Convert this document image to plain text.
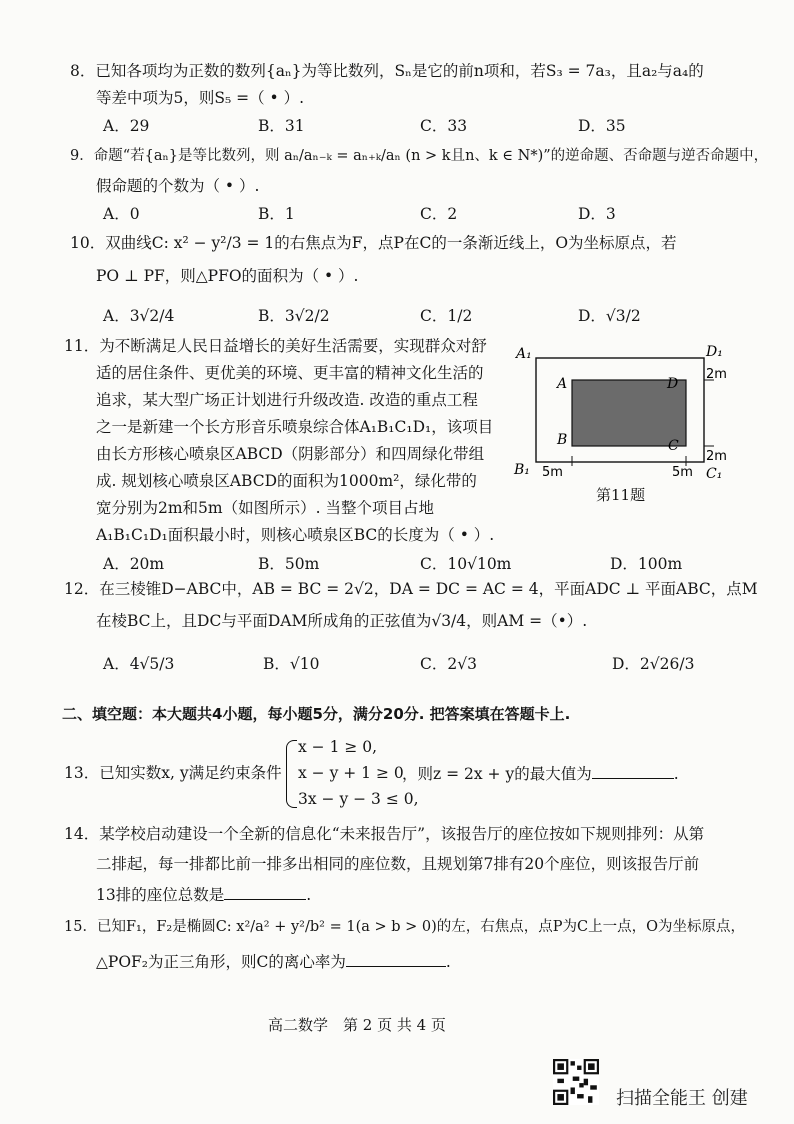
8．已知各项均为正数的数列{aₙ}为等比数列，Sₙ是它的前n项和，若S₃ = 7a₃，且a₂与a₄的
等差中项为5，则S₅ =（ • ）.
A．29	B．31	C．33	D．35
9．命题“若{aₙ}是等比数列，则 aₙ/aₙ₋ₖ = aₙ₊ₖ/aₙ (n > k且n、k ∈ N*)”的逆命题、否命题与逆否命题中，
假命题的个数为（ • ）.
A．0	B．1	C．2	D．3
10．双曲线C: x² − y²/3 = 1的右焦点为F，点P在C的一条渐近线上，O为坐标原点，若
PO ⊥ PF，则△PFO的面积为（ • ）.
A．3√2/4	B．3√2/2	C．1/2	D．√3/2
11．为不断满足人民日益增长的美好生活需要，实现群众对舒
适的居住条件、更优美的环境、更丰富的精神文化生活的
追求，某大型广场正计划进行升级改造. 改造的重点工程
之一是新建一个长方形音乐喷泉综合体A₁B₁C₁D₁，该项目
由长方形核心喷泉区ABCD（阴影部分）和四周绿化带组
成. 规划核心喷泉区ABCD的面积为1000m²，绿化带的
宽分别为2m和5m（如图所示）. 当整个项目占地
A₁B₁C₁D₁面积最小时，则核心喷泉区BC的长度为（ • ）.
A．20m	B．50m	C．10√10m	D．100m
A₁	D₁
B₁	C₁
A	D
B	C
2m
2m
5m	5m
第11题
12．在三棱锥D−ABC中，AB = BC = 2√2，DA = DC = AC = 4，平面ADC ⊥ 平面ABC，点M
在棱BC上，且DC与平面DAM所成角的正弦值为√3/4，则AM =（•）.
A．4√5/3	B．√10	C．2√3	D．2√26/3
二、填空题：本大题共4小题，每小题5分，满分20分. 把答案填在答题卡上.
13．已知实数x, y满足约束条件
x − 1 ≥ 0,
x − y + 1 ≥ 0
3x − y − 3 ≤ 0,
，则z = 2x + y的最大值为	.
14．某学校启动建设一个全新的信息化“未来报告厅”，该报告厅的座位按如下规则排列：从第
二排起，每一排都比前一排多出相同的座位数，且规划第7排有20个座位，则该报告厅前
13排的座位总数是	.
15．已知F₁，F₂是椭圆C: x²/a² + y²/b² = 1(a > b > 0)的左，右焦点，点P为C上一点，O为坐标原点，
△POF₂为正三角形，则C的离心率为	.
高二数学　第 2 页 共 4 页
扫描全能王 创建
